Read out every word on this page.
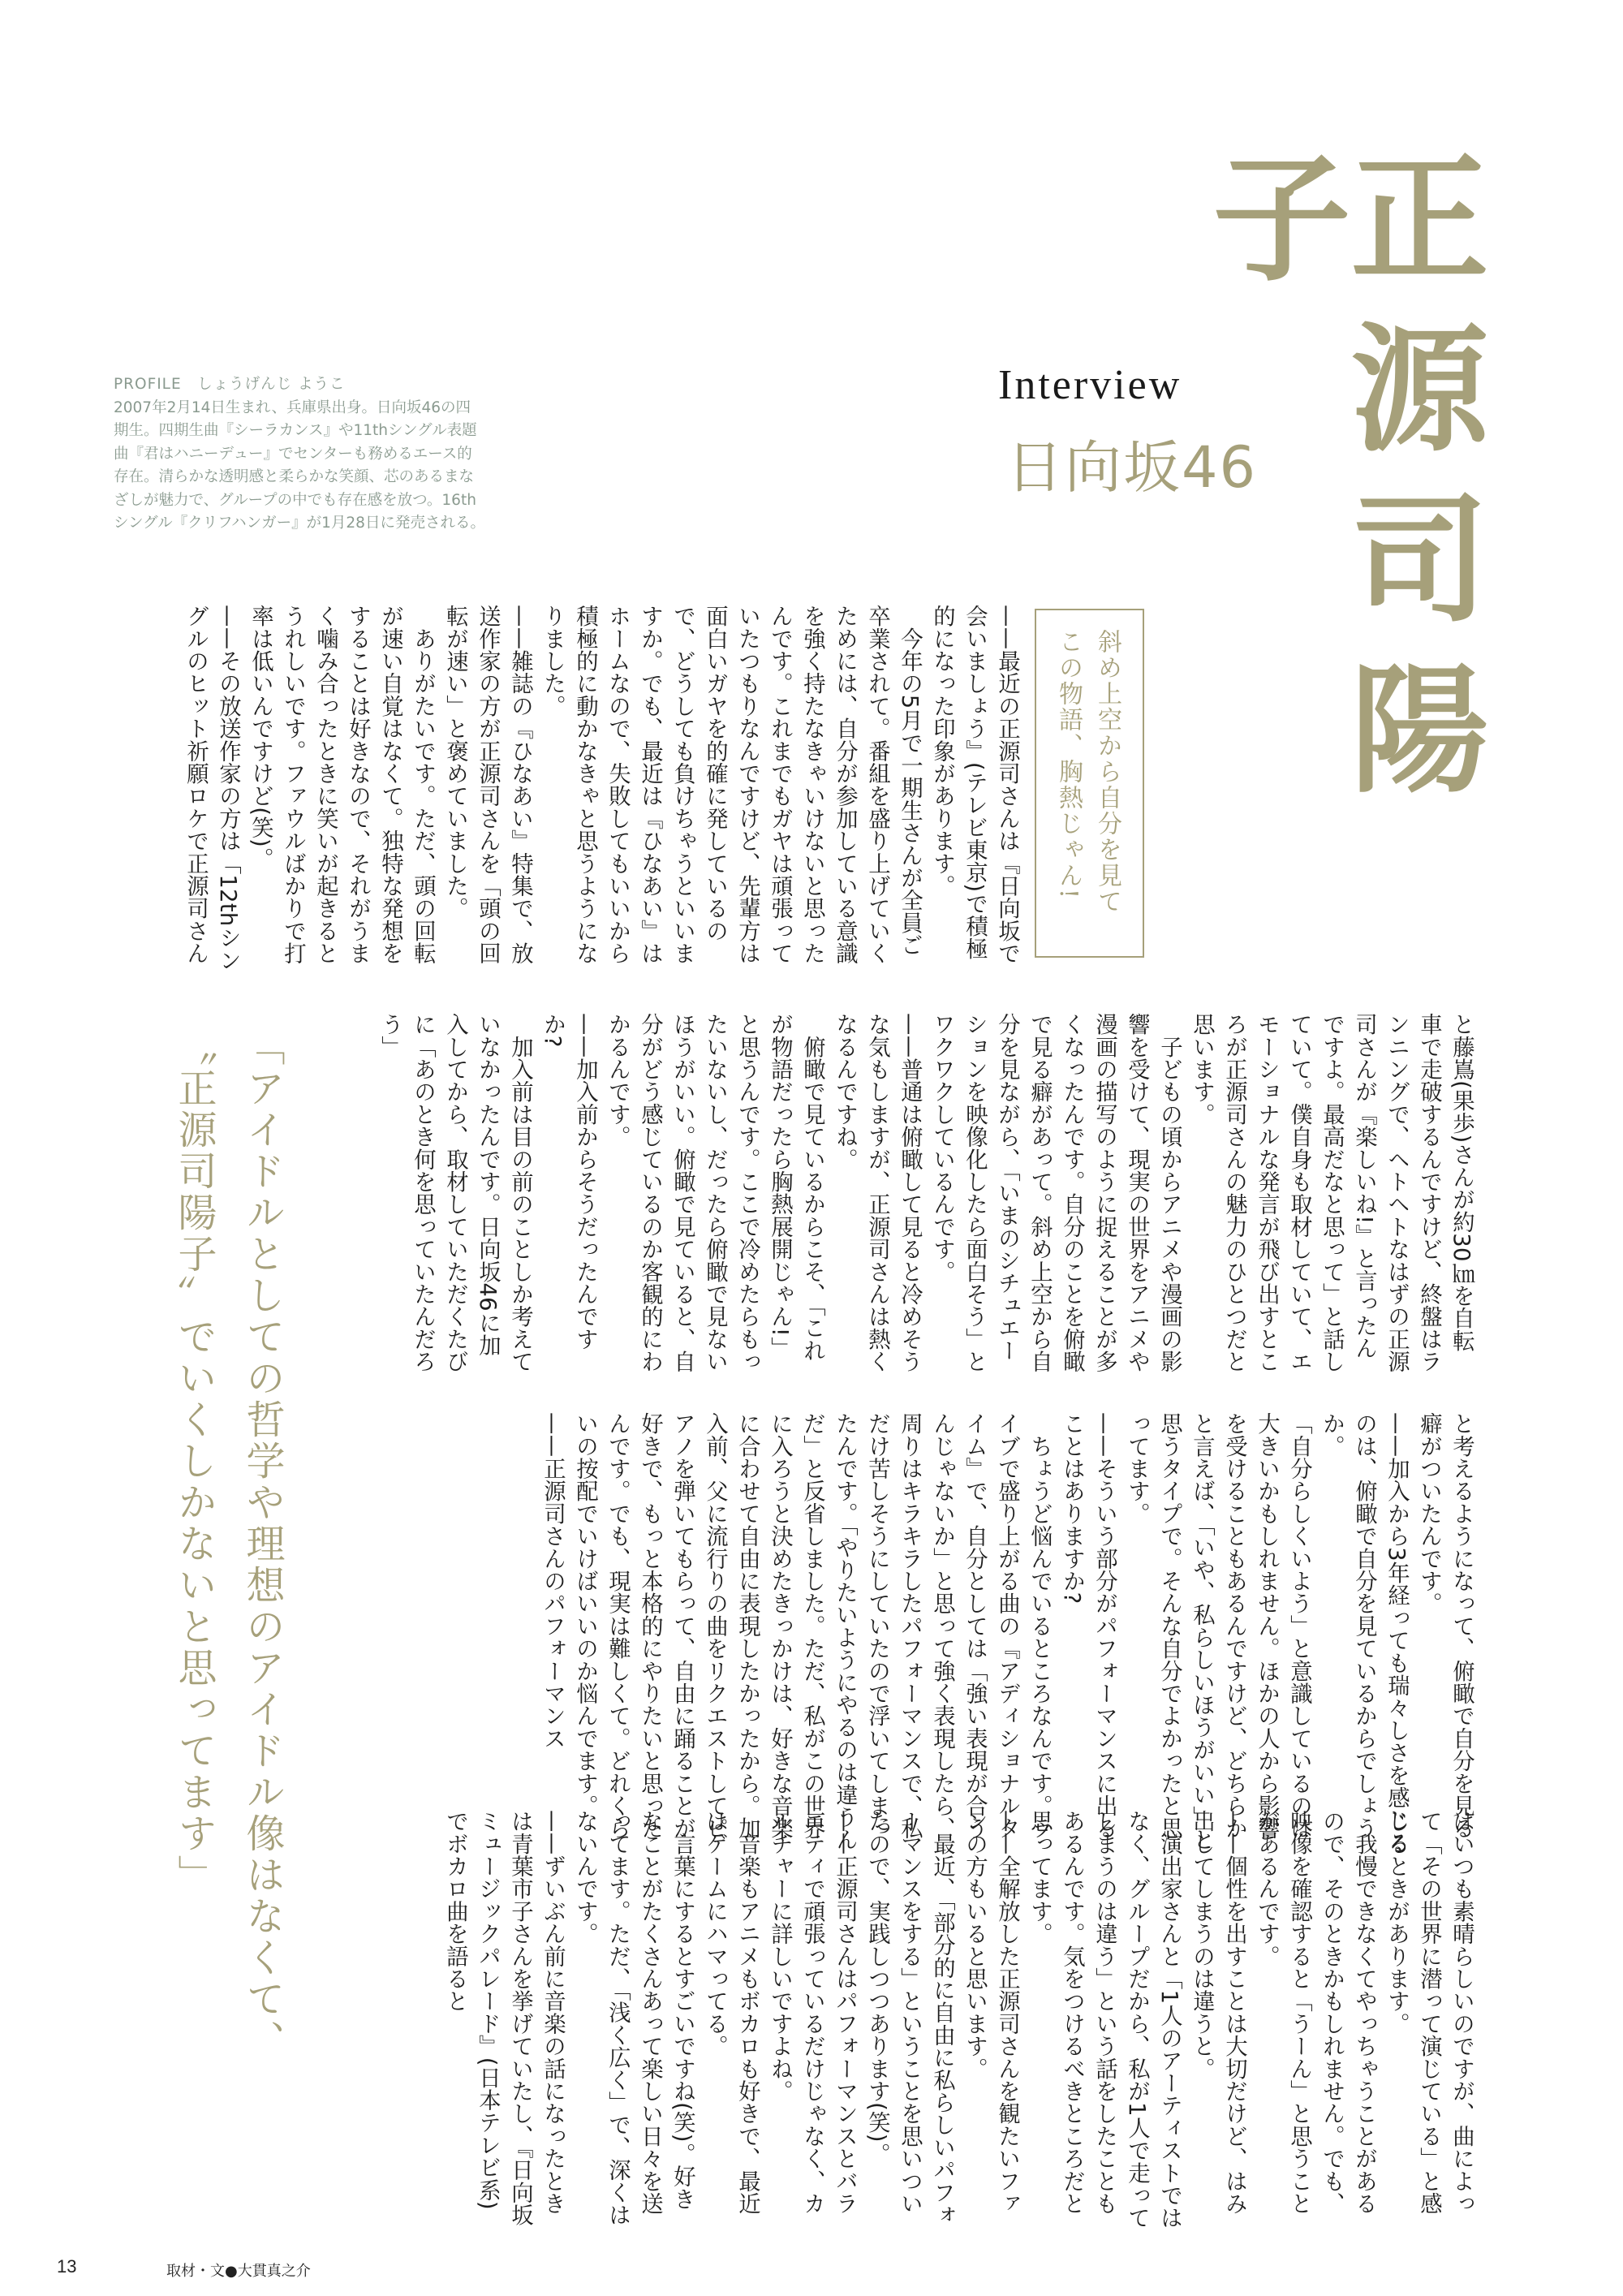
正源司陽子
Interview
日向坂46
PROFILE　しょうげんじ ようこ
2007年2月14日生まれ、兵庫県出身。日向坂46の四
期生。四期生曲『シーラカンス』や11thシングル表題
曲『君はハニーデュー』でセンターも務めるエース的
存在。清らかな透明感と柔らかな笑顔、芯のあるまな
ざしが魅力で、グループの中でも存在感を放つ。16th
シングル『クリフハンガー』が1月28日に発売される。
斜め上空から自分を見て
この物語、胸熱じゃん!
——最近の正源司さんは『日向坂で会いましょう』(テレビ東京)で積極的になった印象があります。
　今年の5月で一期生さんが全員ご卒業されて。番組を盛り上げていくためには、自分が参加している意識を強く持たなきゃいけないと思ったんです。これまでもガヤは頑張っていたつもりなんですけど、先輩方は面白いガヤを的確に発しているので、どうしても負けちゃうといいますか。でも、最近は『ひなあい』はホームなので、失敗してもいいから積極的に動かなきゃと思うようになりました。
——雑誌の『ひなあい』特集で、放送作家の方が正源司さんを「頭の回転が速い」と褒めていました。
　ありがたいです。ただ、頭の回転が速い自覚はなくて。独特な発想をすることは好きなので、それがうまく噛み合ったときに笑いが起きるとうれしいです。ファウルばかりで打率は低いんですけど(笑)。
——その放送作家の方は「12thシングルのヒット祈願ロケで正源司さん
と藤嶌(果歩)さんが約30㎞を自転車で走破するんですけど、終盤はランニングで、ヘトヘトなはずの正源司さんが『楽しいね!』と言ったんですよ。最高だなと思って」と話していて。僕自身も取材していて、エモーショナルな発言が飛び出すところが正源司さんの魅力のひとつだと思います。
　子どもの頃からアニメや漫画の影響を受けて、現実の世界をアニメや漫画の描写のように捉えることが多くなったんです。自分のことを俯瞰で見る癖があって。斜め上空から自分を見ながら、「いまのシチュエーションを映像化したら面白そう」とワクワクしているんです。
——普通は俯瞰して見ると冷めそうな気もしますが、正源司さんは熱くなるんですね。
　俯瞰で見ているからこそ、「これが物語だったら胸熱展開じゃん!」と思うんです。ここで冷めたらもったいないし、だったら俯瞰で見ないほうがいい。俯瞰で見ていると、自分がどう感じているのか客観的にわかるんです。
——加入前からそうだったんですか?
　加入前は目の前のことしか考えていなかったんです。日向坂46に加入してから、取材していただくたびに「あのとき何を思っていたんだろう」
と考えるようになって、俯瞰で自分を見る癖がついたんです。
——加入から3年経っても瑞々しさを感じるのは、俯瞰で自分を見ているからでしょうか。
「自分らしくいよう」と意識しているのは大きいかもしれません。ほかの人から影響を受けることもあるんですけど、どちらかと言えば、「いや、私らしいほうがいい」と思うタイプで。そんな自分でよかったと思ってます。
——そういう部分がパフォーマンスに出ることはありますか?
　ちょうど悩んでいるところなんです。ライブで盛り上がる曲の『アディショナルタイム』で、自分としては「強い表現が合うんじゃないか」と思って強く表現したら、周りはキラキラしたパフォーマンスで、私だけ苦しそうにしていたので浮いてしまったんです。「やりたいようにやるのは違うんだ」と反省しました。ただ、私がこの世界に入ろうと決めたきっかけは、好きな音楽に合わせて自由に表現したかったから。加入前、父に流行りの曲をリクエストしてピアノを弾いてもらって、自由に踊ることが好きで、もっと本格的にやりたいと思ったんです。でも、現実は難しくて。どれくらいの按配でいけばいいのか悩んでます。
——正源司さんのパフォーマンス
はいつも素晴らしいのですが、曲によって「その世界に潜って演じている」と感じるときがあります。
　我慢できなくてやっちゃうことがあるので、そのときかもしれません。でも、映像を確認すると「うーん」と思うことがあるんです。
——個性を出すことは大切だけど、はみ出してしまうのは違うと。
　演出家さんと「1人のアーティストではなく、グループだから、私が1人で走ってしまうのは違う」という話をしたこともあるんです。気をつけるべきところだと思ってます。
——全解放した正源司さんを観たいファンの方もいると思います。
　最近、「部分的に自由に私らしいパフォーマンスをする」ということを思いついたので、実践しつつあります(笑)。
——正源司さんはパフォーマンスとバラエティで頑張っているだけじゃなく、カルチャーに詳しいですよね。
　音楽もアニメもボカロも好きで、最近はゲームにハマってる。
　言葉にするとすごいですね(笑)。好きなことがたくさんあって楽しい日々を送ってます。ただ、「浅く広く」で、深くはないんです。
——ずいぶん前に音楽の話になったときは青葉市子さんを挙げていたし、『日向坂ミュージックパレード』(日本テレビ系)でボカロ曲を語ると
「アイドルとしての哲学や理想のアイドル像はなくて、
〝正源司陽子〟でいくしかないと思ってます」
13	取材・文●大貫真之介
